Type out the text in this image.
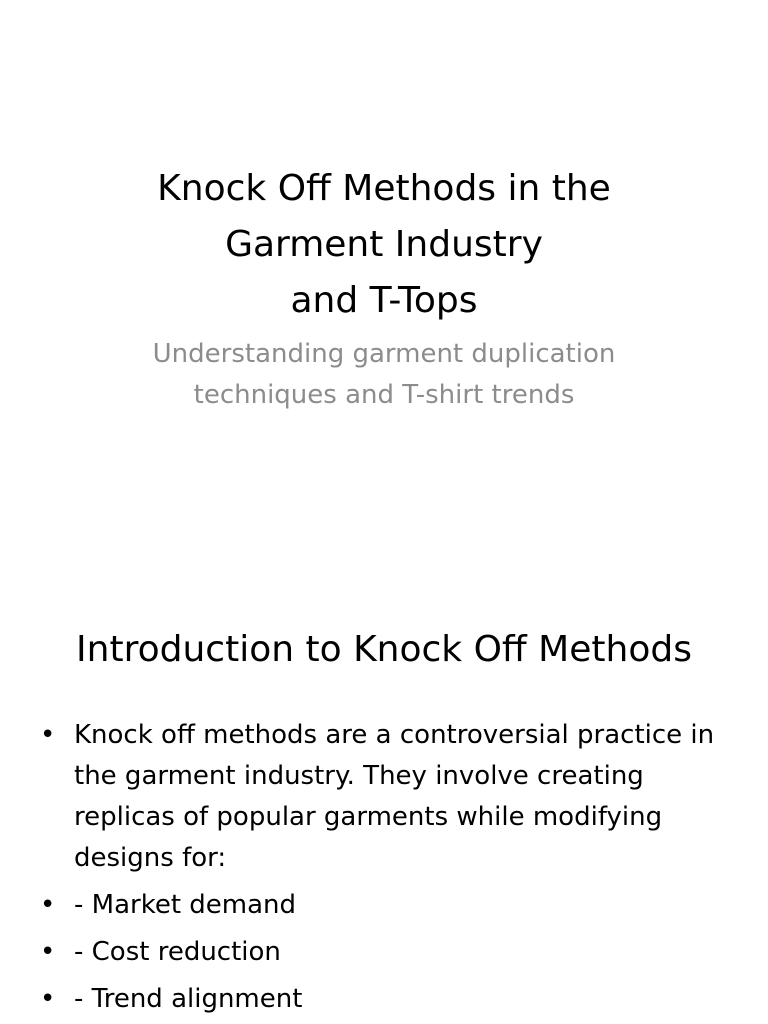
Knock Off Methods in the
Garment Industry
and T-Tops
Understanding garment duplication
techniques and T-shirt trends
Introduction to Knock Off Methods
• Knock off methods are a controversial practice in the garment industry. They involve creating replicas of popular garments while modifying designs for:
• - Market demand
• - Cost reduction
• - Trend alignment
